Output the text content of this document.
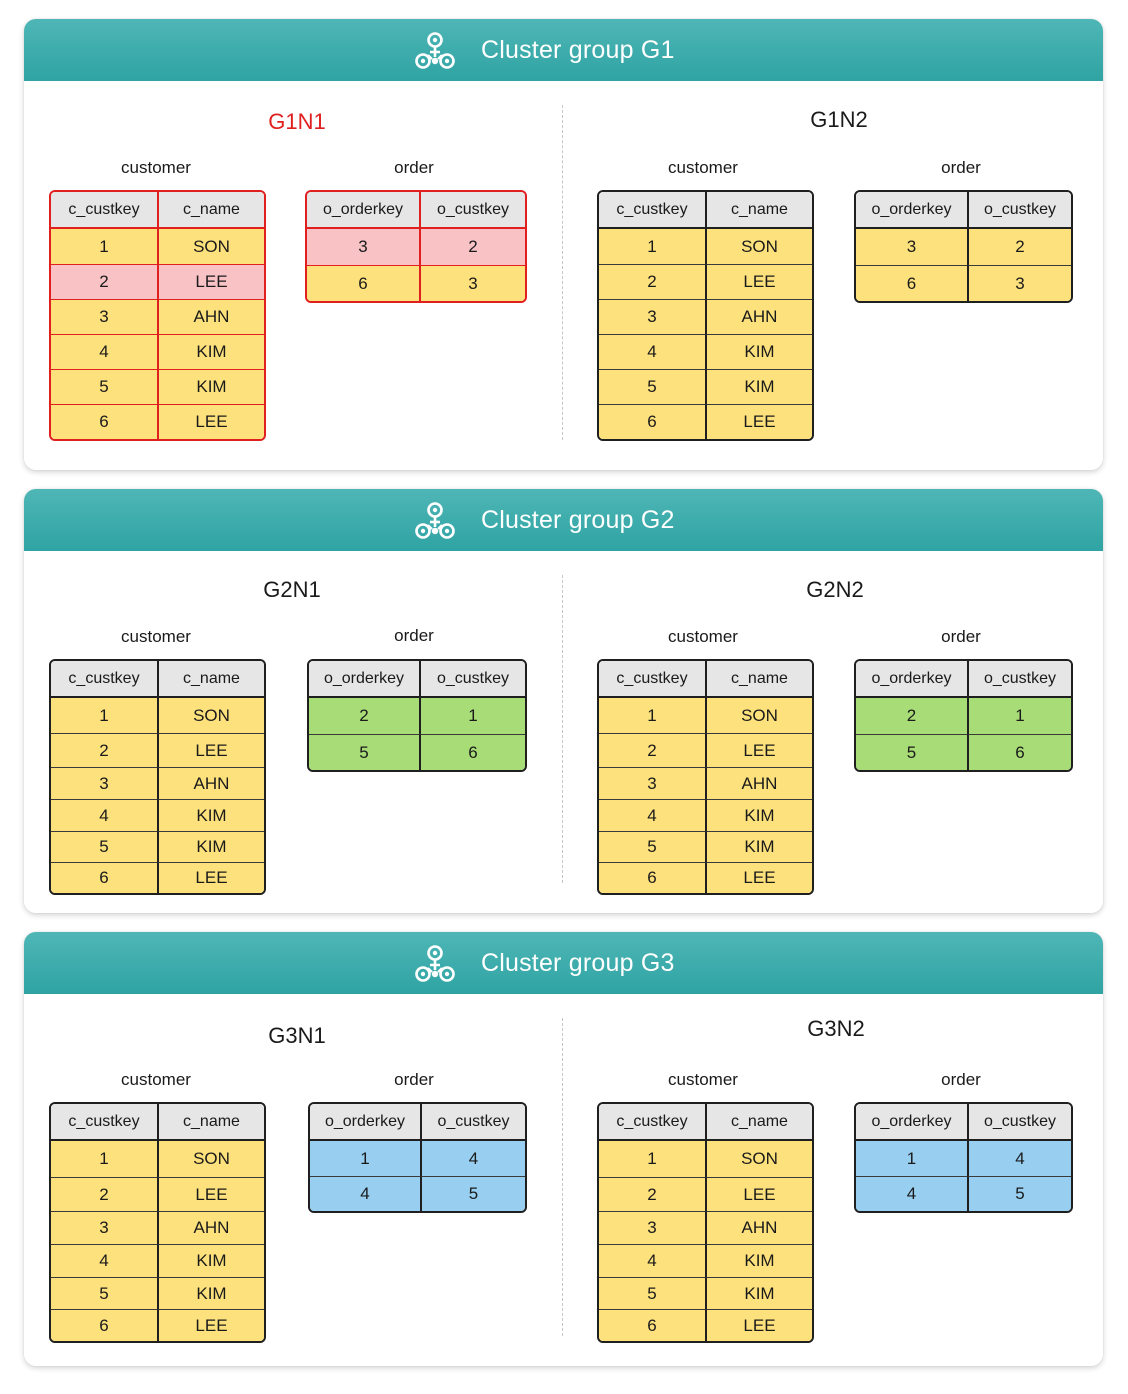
Cluster group G1
G1N1
customer	order
c_custkey	c_name
1	SON
2	LEE
3	AHN
4	KIM
5	KIM
6	LEE
o_orderkey	o_custkey
3	2
6	3
G1N2
customer	order
c_custkey	c_name
1	SON
2	LEE
3	AHN
4	KIM
5	KIM
6	LEE
o_orderkey	o_custkey
3	2
6	3
Cluster group G2
G2N1
customer	order
c_custkey	c_name
1	SON
2	LEE
3	AHN
4	KIM
5	KIM
6	LEE
o_orderkey	o_custkey
2	1
5	6
G2N2
customer	order
c_custkey	c_name
1	SON
2	LEE
3	AHN
4	KIM
5	KIM
6	LEE
o_orderkey	o_custkey
2	1
5	6
Cluster group G3
G3N1
customer	order
c_custkey	c_name
1	SON
2	LEE
3	AHN
4	KIM
5	KIM
6	LEE
o_orderkey	o_custkey
1	4
4	5
G3N2
customer	order
c_custkey	c_name
1	SON
2	LEE
3	AHN
4	KIM
5	KIM
6	LEE
o_orderkey	o_custkey
1	4
4	5
